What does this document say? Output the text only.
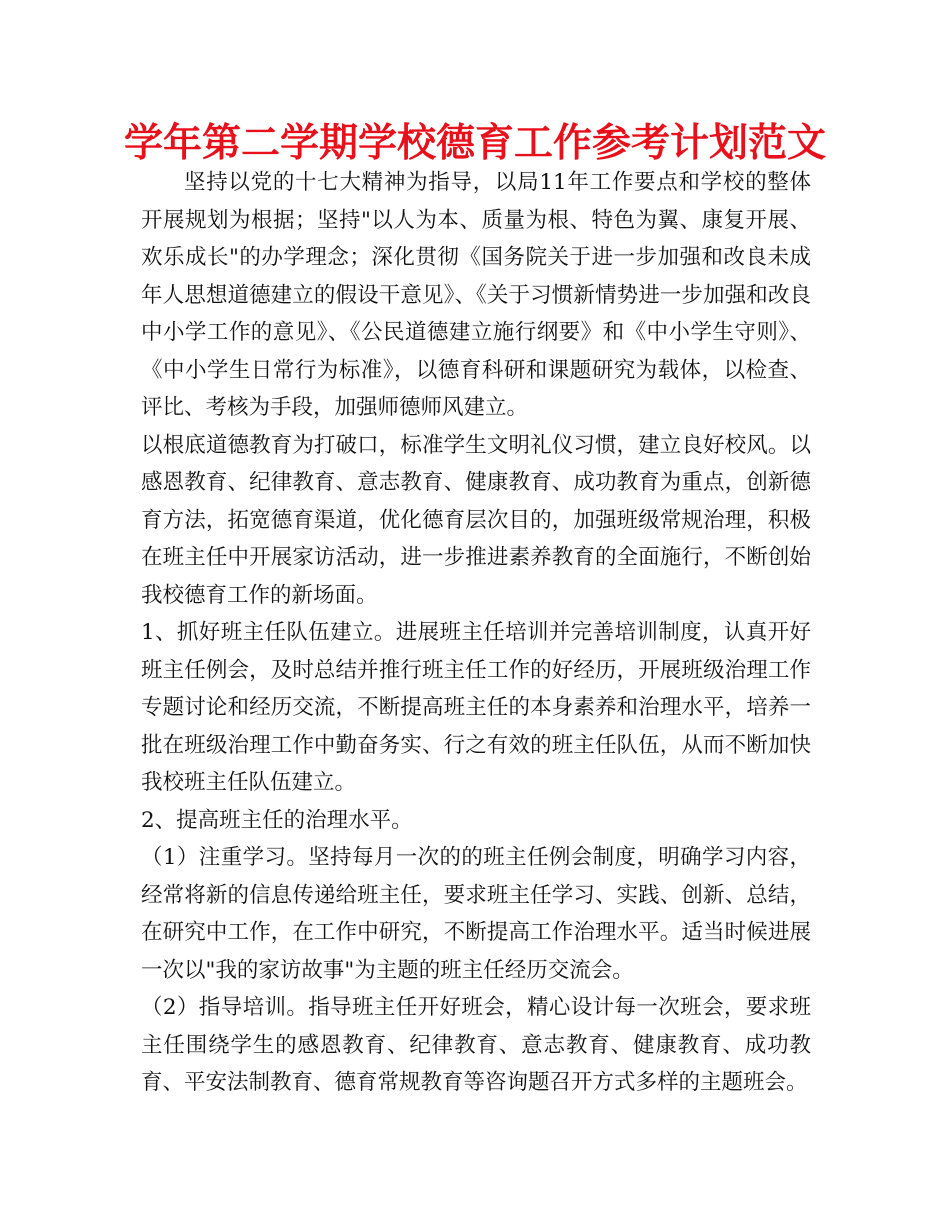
学年第二学期学校德育工作参考计划范文

坚持以党的十七大精神为指导，以局11年工作要点和学校的整体开展规划为根据；坚持"以人为本、质量为根、特色为翼、康复开展、欢乐成长"的办学理念；深化贯彻《国务院关于进一步加强和改良未成年人思想道德建立的假设干意见》、《关于习惯新情势进一步加强和改良中小学工作的意见》、《公民道德建立施行纲要》和《中小学生守则》、《中小学生日常行为标准》，以德育科研和课题研究为载体，以检查、评比、考核为手段，加强师德师风建立。

以根底道德教育为打破口，标准学生文明礼仪习惯，建立良好校风。以感恩教育、纪律教育、意志教育、健康教育、成功教育为重点，创新德育方法，拓宽德育渠道，优化德育层次目的，加强班级常规治理，积极在班主任中开展家访活动，进一步推进素养教育的全面施行，不断创始我校德育工作的新场面。

1、抓好班主任队伍建立。进展班主任培训并完善培训制度，认真开好班主任例会，及时总结并推行班主任工作的好经历，开展班级治理工作专题讨论和经历交流，不断提高班主任的本身素养和治理水平，培养一批在班级治理工作中勤奋务实、行之有效的班主任队伍，从而不断加快我校班主任队伍建立。

2、提高班主任的治理水平。

（1）注重学习。坚持每月一次的的班主任例会制度，明确学习内容，经常将新的信息传递给班主任，要求班主任学习、实践、创新、总结，在研究中工作，在工作中研究，不断提高工作治理水平。适当时候进展一次以"我的家访故事"为主题的班主任经历交流会。

（2）指导培训。指导班主任开好班会，精心设计每一次班会，要求班主任围绕学生的感恩教育、纪律教育、意志教育、健康教育、成功教育、平安法制教育、德育常规教育等咨询题召开方式多样的主题班会。
